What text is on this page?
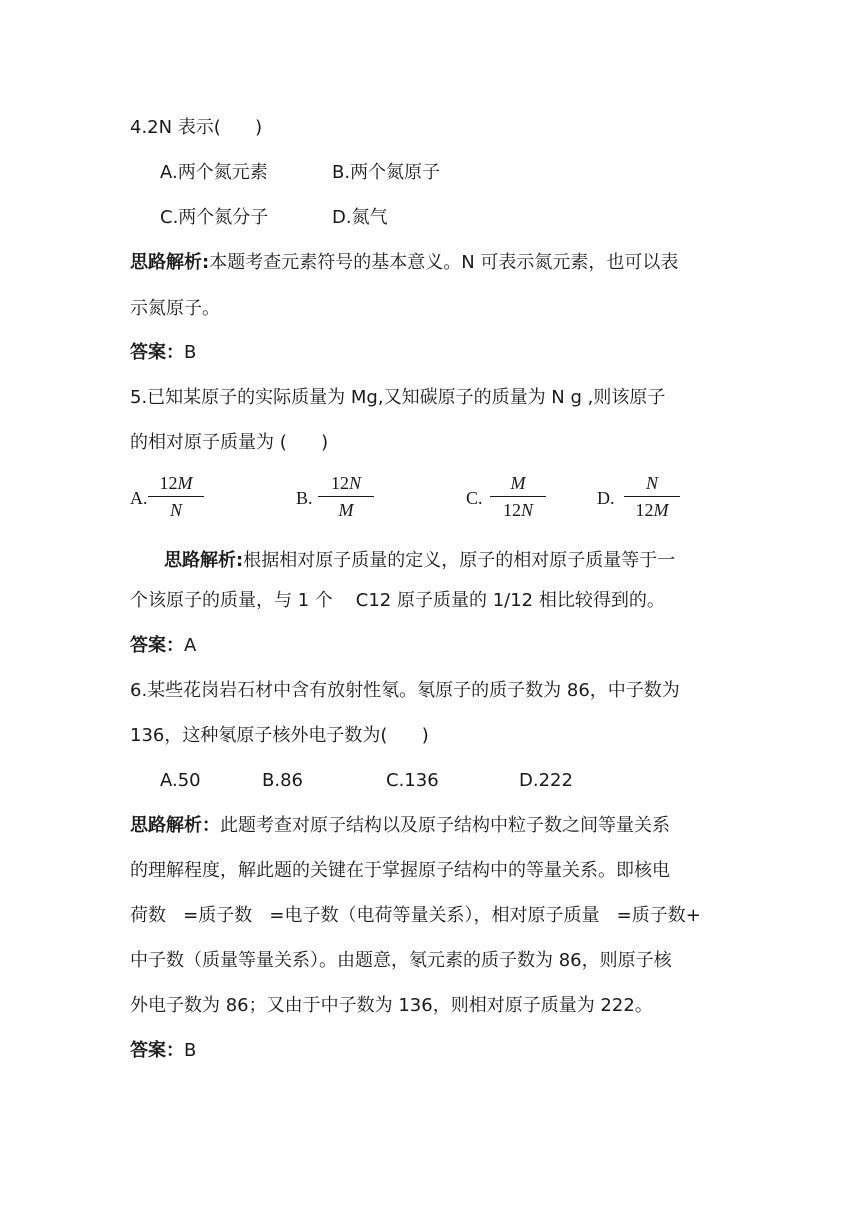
4.2N 表示(      )
A.两个氮元素	B.两个氮原子
C.两个氮分子	D.氮气
思路解析:本题考查元素符号的基本意义。N 可表示氮元素，也可以表
示氮原子。
答案：B
5.已知某原子的实际质量为 Mg,又知碳原子的质量为 N g ,则该原子
的相对原子质量为 (      )
A. $\frac{12M}{N}$	B. $\frac{12N}{M}$	C. $\frac{M}{12N}$	D. $\frac{N}{12M}$
思路解析:根据相对原子质量的定义，原子的相对原子质量等于一
个该原子的质量，与 1 个    C12 原子质量的 1/12 相比较得到的。
答案：A
6.某些花岗岩石材中含有放射性氡。氡原子的质子数为 86，中子数为
136，这种氡原子核外电子数为(      )
A.50	B.86	C.136	D.222
思路解析：此题考查对原子结构以及原子结构中粒子数之间等量关系
的理解程度，解此题的关键在于掌握原子结构中的等量关系。即核电
荷数   =质子数   =电子数（电荷等量关系），相对原子质量   =质子数+
中子数（质量等量关系）。由题意，氡元素的质子数为 86，则原子核
外电子数为 86；又由于中子数为 136，则相对原子质量为 222。
答案：B
